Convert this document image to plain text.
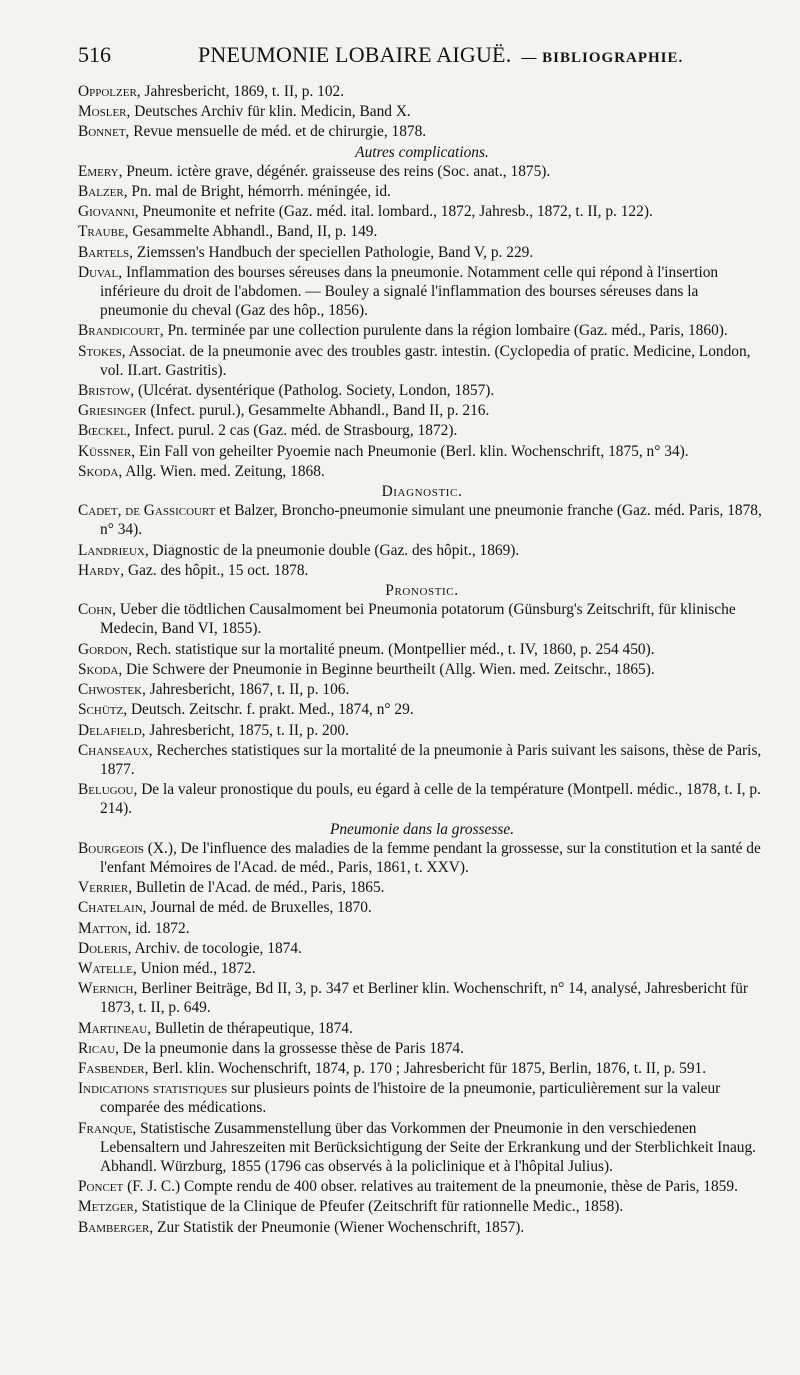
516	PNEUMONIE LOBAIRE AIGUË. — BIBLIOGRAPHIE.

Oppolzer, Jahresbericht, 1869, t. II, p. 102.

Mosler, Deutsches Archiv für klin. Medicin, Band X.

Bonnet, Revue mensuelle de méd. et de chirurgie, 1878.

Autres complications.

Emery, Pneum. ictère grave, dégénér. graisseuse des reins (Soc. anat., 1875).

Balzer, Pn. mal de Bright, hémorrh. méningée, id.

Giovanni, Pneumonite et nefrite (Gaz. méd. ital. lombard., 1872, Jahresb., 1872, t. II, p. 122).

Traube, Gesammelte Abhandl., Band, II, p. 149.

Bartels, Ziemssen's Handbuch der speciellen Pathologie, Band V, p. 229.

Duval, Inflammation des bourses séreuses dans la pneumonie. Notamment celle qui répond à l'insertion inférieure du droit de l'abdomen. — Bouley a signalé l'inflammation des bourses séreuses dans la pneumonie du cheval (Gaz des hôp., 1856).

Brandicourt, Pn. terminée par une collection purulente dans la région lombaire (Gaz. méd., Paris, 1860).

Stokes, Associat. de la pneumonie avec des troubles gastr. intestin. (Cyclopedia of pratic. Medicine, London, vol. II.art. Gastritis).

Bristow, (Ulcérat. dysentérique (Patholog. Society, London, 1857).

Griesinger (Infect. purul.), Gesammelte Abhandl., Band II, p. 216.

Bœckel, Infect. purul. 2 cas (Gaz. méd. de Strasbourg, 1872).

Küssner, Ein Fall von geheilter Pyoemie nach Pneumonie (Berl. klin. Wochenschrift, 1875, n° 34).

Skoda, Allg. Wien. med. Zeitung, 1868.

Diagnostic.

Cadet, de Gassicourt et Balzer, Broncho-pneumonie simulant une pneumonie franche (Gaz. méd. Paris, 1878, n° 34).

Landrieux, Diagnostic de la pneumonie double (Gaz. des hôpit., 1869).

Hardy, Gaz. des hôpit., 15 oct. 1878.

Pronostic.

Cohn, Ueber die tödtlichen Causalmoment bei Pneumonia potatorum (Günsburg's Zeitschrift, für klinische Medecin, Band VI, 1855).

Gordon, Rech. statistique sur la mortalité pneum. (Montpellier méd., t. IV, 1860, p. 254 450).

Skoda, Die Schwere der Pneumonie in Beginne beurtheilt (Allg. Wien. med. Zeitschr., 1865).

Chwostek, Jahresbericht, 1867, t. II, p. 106.

Schütz, Deutsch. Zeitschr. f. prakt. Med., 1874, n° 29.

Delafield, Jahresbericht, 1875, t. II, p. 200.

Chanseaux, Recherches statistiques sur la mortalité de la pneumonie à Paris suivant les saisons, thèse de Paris, 1877.

Belugou, De la valeur pronostique du pouls, eu égard à celle de la température (Montpell. médic., 1878, t. I, p. 214).

Pneumonie dans la grossesse.

Bourgeois (X.), De l'influence des maladies de la femme pendant la grossesse, sur la constitution et la santé de l'enfant Mémoires de l'Acad. de méd., Paris, 1861, t. XXV).

Verrier, Bulletin de l'Acad. de méd., Paris, 1865.

Chatelain, Journal de méd. de Bruxelles, 1870.

Matton, id. 1872.

Doleris, Archiv. de tocologie, 1874.

Watelle, Union méd., 1872.

Wernich, Berliner Beiträge, Bd II, 3, p. 347 et Berliner klin. Wochenschrift, n° 14, analysé, Jahresbericht für 1873, t. II, p. 649.

Martineau, Bulletin de thérapeutique, 1874.

Ricau, De la pneumonie dans la grossesse thèse de Paris 1874.

Fasbender, Berl. klin. Wochenschrift, 1874, p. 170 ; Jahresbericht für 1875, Berlin, 1876, t. II, p. 591.

Indications statistiques sur plusieurs points de l'histoire de la pneumonie, particulièrement sur la valeur comparée des médications.

Franque, Statistische Zusammenstellung über das Vorkommen der Pneumonie in den verschiedenen Lebensaltern und Jahreszeiten mit Berücksichtigung der Seite der Erkrankung und der Sterblichkeit Inaug. Abhandl. Würzburg, 1855 (1796 cas observés à la policlinique et à l'hôpital Julius).

Poncet (F. J. C.) Compte rendu de 400 obser. relatives au traitement de la pneumonie, thèse de Paris, 1859.

Metzger, Statistique de la Clinique de Pfeufer (Zeitschrift für rationnelle Medic., 1858).

Bamberger, Zur Statistik der Pneumonie (Wiener Wochenschrift, 1857).
